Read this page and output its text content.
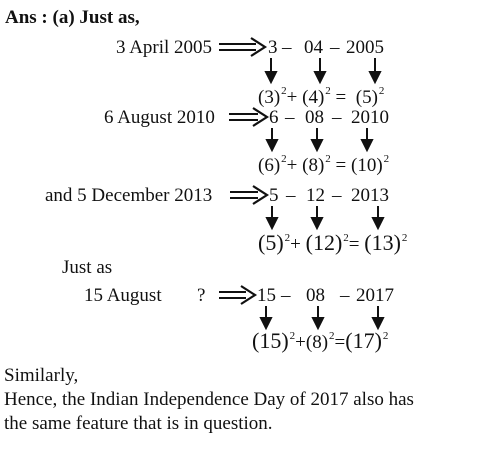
Ans : (a) Just as,
3 April 2005	3 – 04 – 2005
$(3)^2+ (4)^2 = (5)^2$
6 August 2010	6 – 08 – 2010
$(6)^2+ (8)^2 = (10)^2$
and 5 December 2013	5 – 12 – 2013
$(5)^2+ (12)^2= (13)^2$
Just as
15 August ?	15 – 08 – 2017
$(15)^2+(8)^2=(17)^2$
Similarly,
Hence, the Indian Independence Day of 2017 also has
the same feature that is in question.
